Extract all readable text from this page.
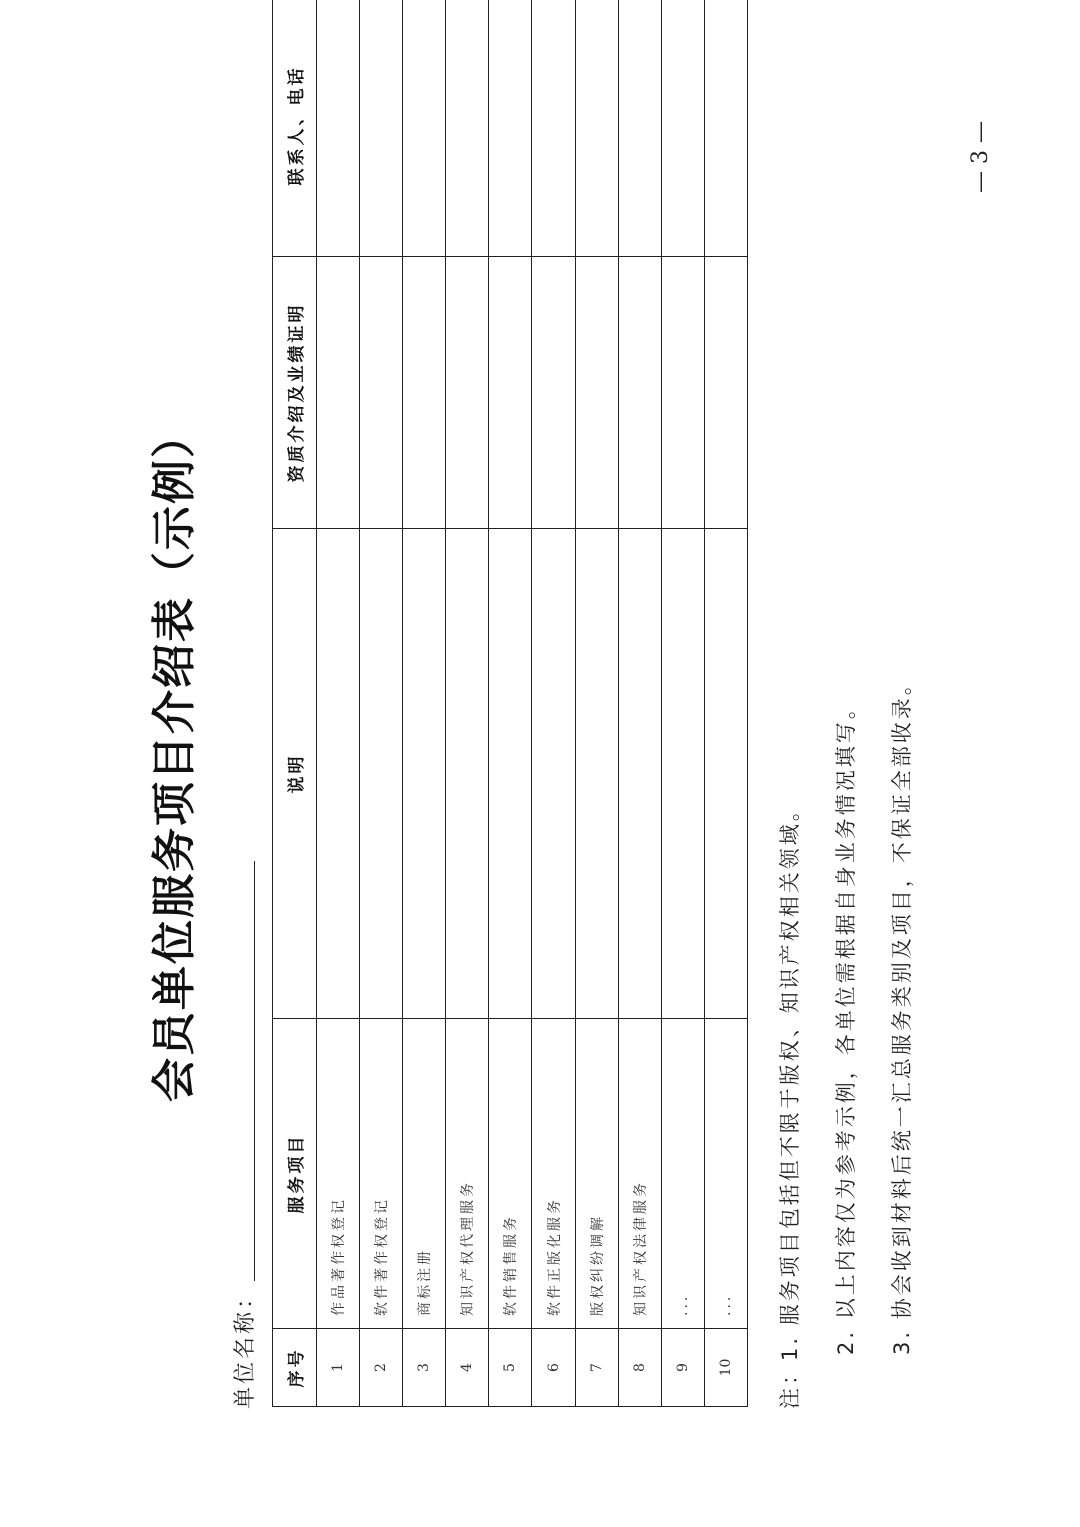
— 3 —
会员单位服务项目介绍表（示例）
单位名称： 序号	服务项目	说明	资质介绍及业绩证明	联系人、电话
1	作品著作权登记			
2	软件著作权登记			
3	商标注册			
4	知识产权代理服务			
5	软件销售服务			
6	软件正版化服务			
7	版权纠纷调解			
8	知识产权法律服务			
9	...			
10	...			
注：1. 服务项目包括但不限于版权、知识产权相关领域。	2. 以上内容仅为参考示例，各单位需根据自身业务情况填写。	3. 协会收到材料后统一汇总服务类别及项目，不保证全部收录。
